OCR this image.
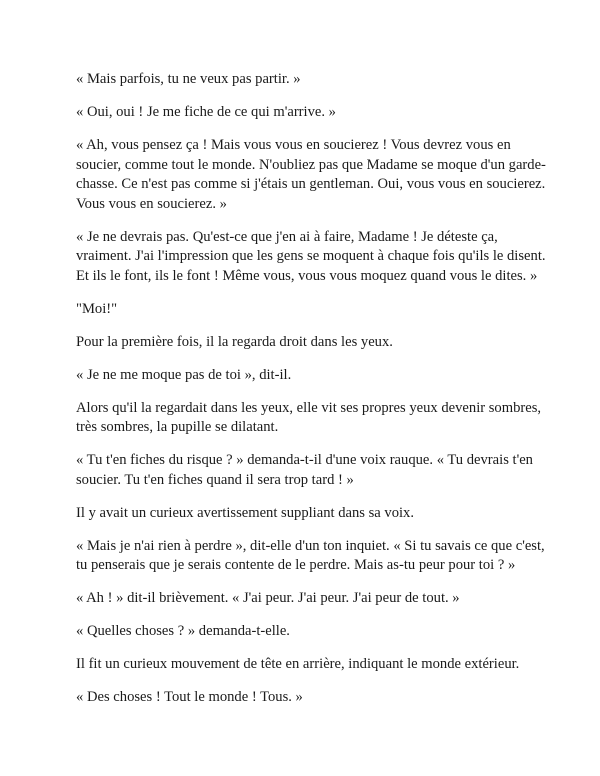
« Mais parfois, tu ne veux pas partir. »

« Oui, oui ! Je me fiche de ce qui m'arrive. »

« Ah, vous pensez ça ! Mais vous vous en soucierez ! Vous devrez vous en soucier, comme tout le monde. N'oubliez pas que Madame se moque d'un garde-chasse. Ce n'est pas comme si j'étais un gentleman. Oui, vous vous en soucierez. Vous vous en soucierez. »

« Je ne devrais pas. Qu'est-ce que j'en ai à faire, Madame ! Je déteste ça, vraiment. J'ai l'impression que les gens se moquent à chaque fois qu'ils le disent. Et ils le font, ils le font ! Même vous, vous vous moquez quand vous le dites. »

"Moi!"

Pour la première fois, il la regarda droit dans les yeux.

« Je ne me moque pas de toi », dit-il.

Alors qu'il la regardait dans les yeux, elle vit ses propres yeux devenir sombres, très sombres, la pupille se dilatant.

« Tu t'en fiches du risque ? » demanda-t-il d'une voix rauque. « Tu devrais t'en soucier. Tu t'en fiches quand il sera trop tard ! »

Il y avait un curieux avertissement suppliant dans sa voix.

« Mais je n'ai rien à perdre », dit-elle d'un ton inquiet. « Si tu savais ce que c'est, tu penserais que je serais contente de le perdre. Mais as-tu peur pour toi ? »

« Ah ! » dit-il brièvement. « J'ai peur. J'ai peur. J'ai peur de tout. »

« Quelles choses ? » demanda-t-elle.

Il fit un curieux mouvement de tête en arrière, indiquant le monde extérieur.

« Des choses ! Tout le monde ! Tous. »
